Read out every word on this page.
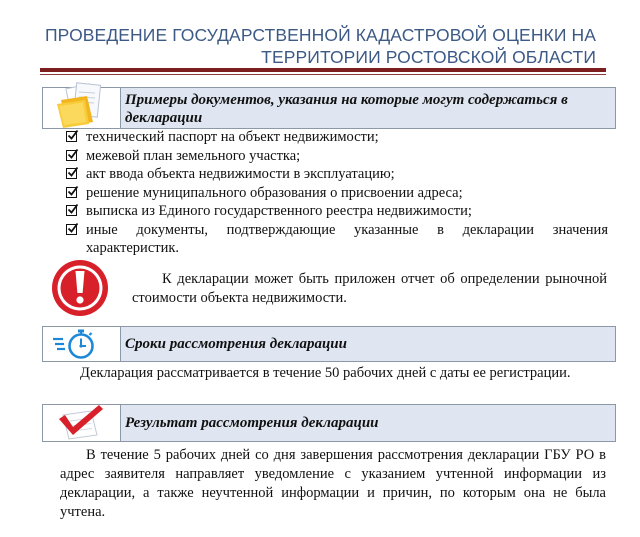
ПРОВЕДЕНИЕ ГОСУДАРСТВЕННОЙ КАДАСТРОВОЙ ОЦЕНКИ НА
ТЕРРИТОРИИ РОСТОВСКОЙ ОБЛАСТИ
Примеры документов, указания на которые могут содержаться в декларации
технический паспорт на объект недвижимости;
межевой план земельного участка;
акт ввода объекта недвижимости в эксплуатацию;
решение муниципального образования о присвоении адреса;
выписка из Единого государственного реестра недвижимости;
иные документы, подтверждающие указанные в декларации значения характеристик.
К декларации может быть приложен отчет об определении рыночной стоимости объекта недвижимости.
Сроки рассмотрения декларации
Декларация рассматривается в течение 50 рабочих дней с даты ее регистрации.
Результат рассмотрения декларации
В течение 5 рабочих дней со дня завершения рассмотрения декларации ГБУ РО в адрес заявителя направляет уведомление с указанием учтенной информации из декларации, а также неучтенной информации и причин, по которым она не была учтена.
